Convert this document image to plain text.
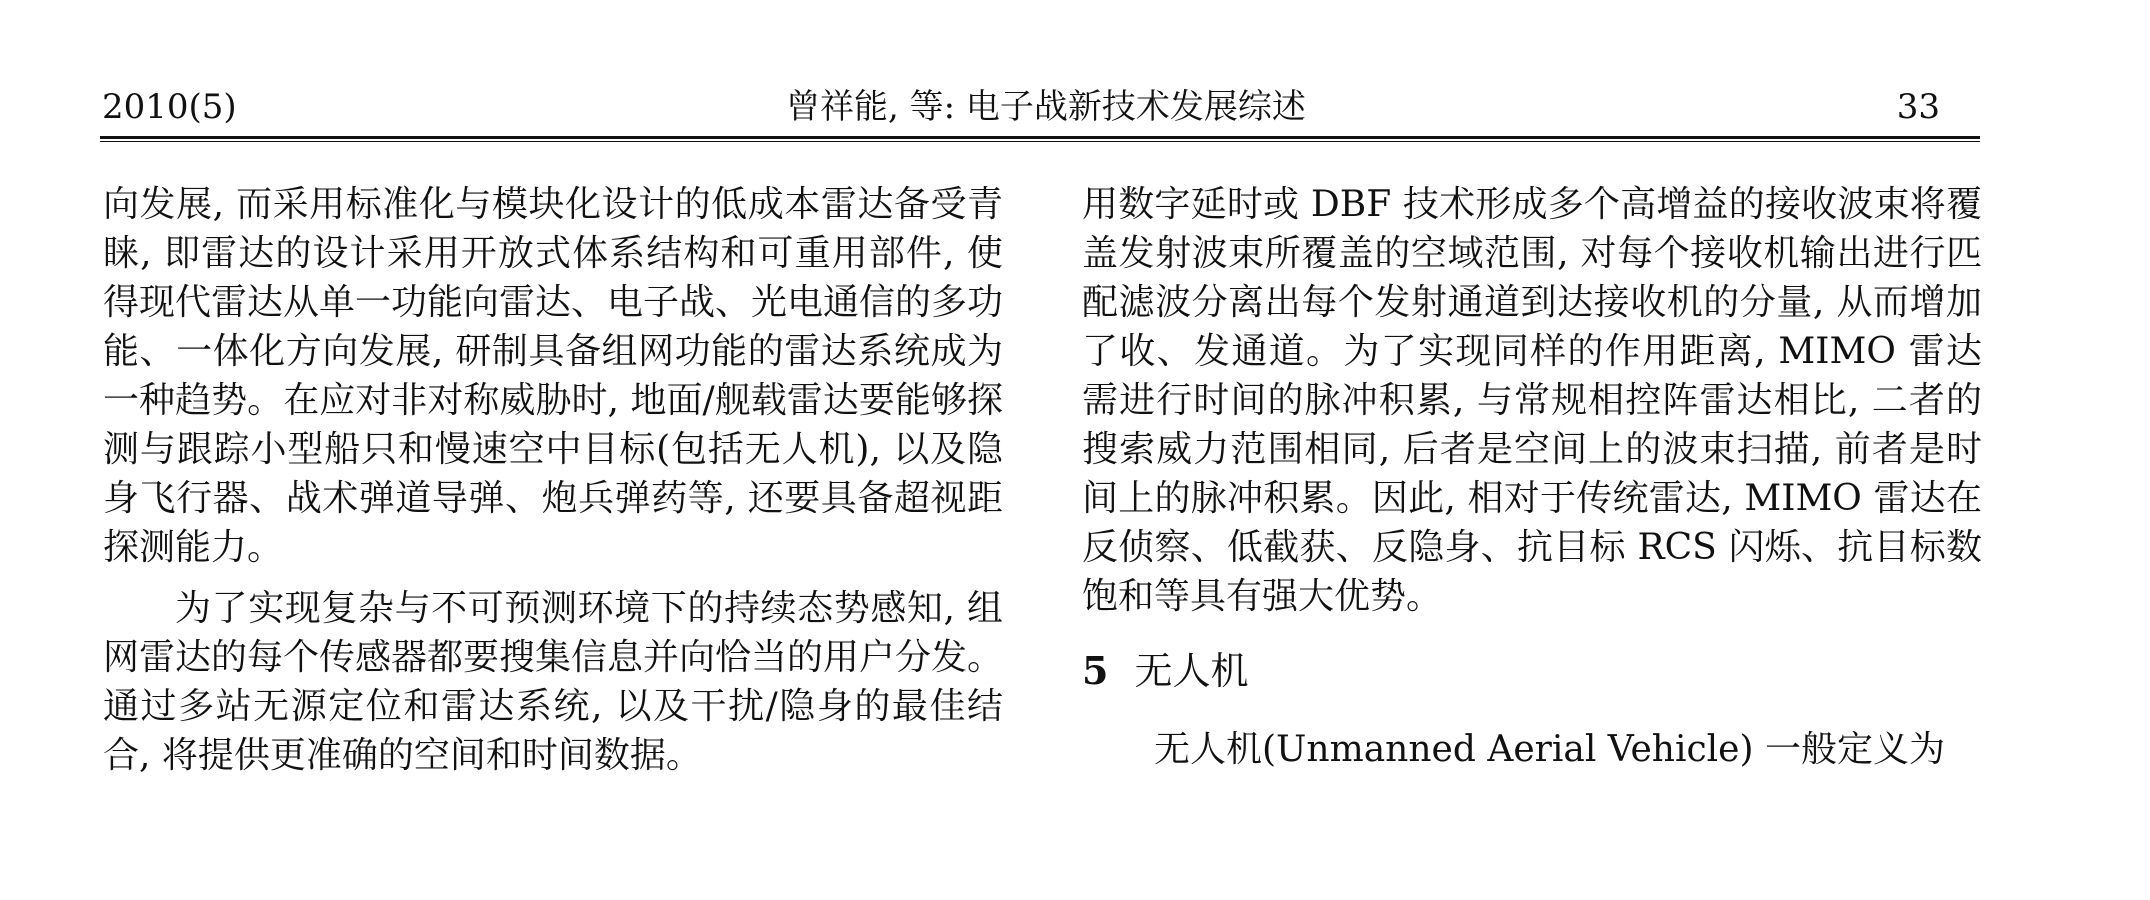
2010(5)	曾祥能, 等: 电子战新技术发展综述	33

向发展, 而采用标准化与模块化设计的低成本雷达备受青睐, 即雷达的设计采用开放式体系结构和可重用部件, 使得现代雷达从单一功能向雷达、电子战、光电通信的多功能、一体化方向发展, 研制具备组网功能的雷达系统成为一种趋势。在应对非对称威胁时, 地面/舰载雷达要能够探测与跟踪小型船只和慢速空中目标(包括无人机), 以及隐身飞行器、战术弹道导弹、炮兵弹药等, 还要具备超视距探测能力。

为了实现复杂与不可预测环境下的持续态势感知, 组网雷达的每个传感器都要搜集信息并向恰当的用户分发。通过多站无源定位和雷达系统, 以及干扰/隐身的最佳结合, 将提供更准确的空间和时间数据。

用数字延时或 DBF 技术形成多个高增益的接收波束将覆盖发射波束所覆盖的空域范围, 对每个接收机输出进行匹配滤波分离出每个发射通道到达接收机的分量, 从而增加了收、发通道。为了实现同样的作用距离, MIMO 雷达需进行时间的脉冲积累, 与常规相控阵雷达相比, 二者的搜索威力范围相同, 后者是空间上的波束扫描, 前者是时间上的脉冲积累。因此, 相对于传统雷达, MIMO 雷达在反侦察、低截获、反隐身、抗目标 RCS 闪烁、抗目标数饱和等具有强大优势。

5 无人机

无人机(Unmanned Aerial Vehicle) 一般定义为
